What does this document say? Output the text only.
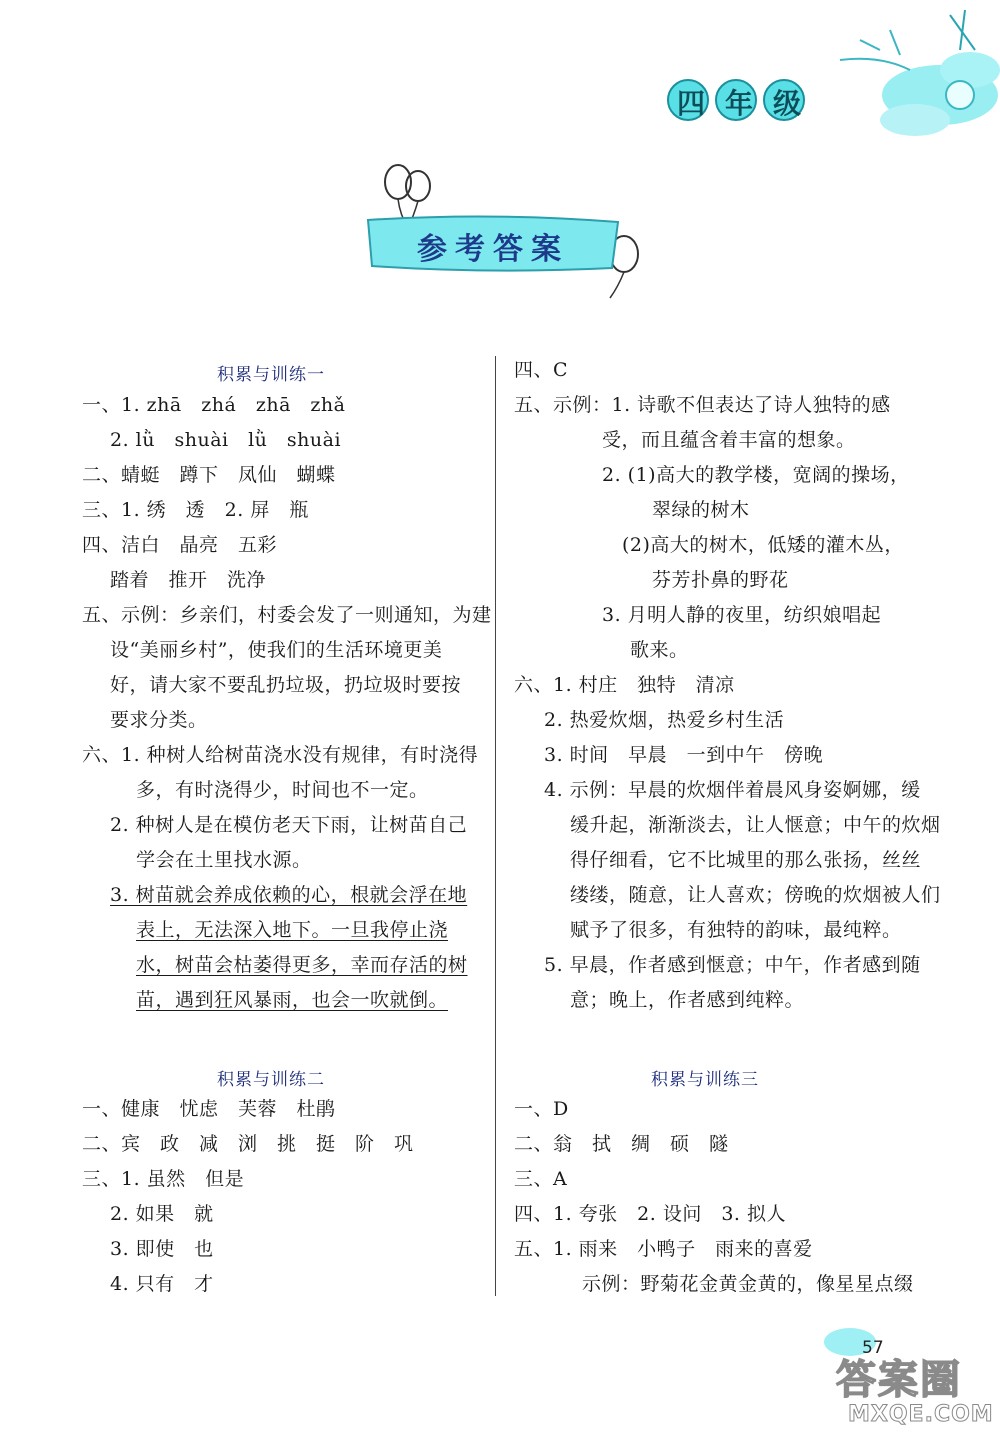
四年级
参考答案
积累与训练一
一、1. zhā　zhá　zhā　zhǎ
2. lǜ　shuài　lǜ　shuài
二、蜻蜓　蹲下　凤仙　蝴蝶
三、1. 绣　透　2. 屏　瓶
四、洁白　晶亮　五彩
踏着　推开　洗净
五、示例：乡亲们，村委会发了一则通知，为建
设“美丽乡村”，使我们的生活环境更美
好，请大家不要乱扔垃圾，扔垃圾时要按
要求分类。
六、1. 种树人给树苗浇水没有规律，有时浇得
多，有时浇得少，时间也不一定。
2. 种树人是在模仿老天下雨，让树苗自己
学会在土里找水源。
3. 树苗就会养成依赖的心，根就会浮在地
表上，无法深入地下。一旦我停止浇
水，树苗会枯萎得更多，幸而存活的树
苗，遇到狂风暴雨，也会一吹就倒。
积累与训练二
一、健康　忧虑　芙蓉　杜鹃
二、宾　政　减　浏　挑　挺　阶　巩
三、1. 虽然　但是
2. 如果　就
3. 即使　也
4. 只有　才
四、C
五、示例：1. 诗歌不但表达了诗人独特的感
受，而且蕴含着丰富的想象。
2. (1)高大的教学楼，宽阔的操场，
翠绿的树木
(2)高大的树木，低矮的灌木丛，
芬芳扑鼻的野花
3. 月明人静的夜里，纺织娘唱起
歌来。
六、1. 村庄　独特　清凉
2. 热爱炊烟，热爱乡村生活
3. 时间　早晨　一到中午　傍晚
4. 示例：早晨的炊烟伴着晨风身姿婀娜，缓
缓升起，渐渐淡去，让人惬意；中午的炊烟
得仔细看，它不比城里的那么张扬，丝丝
缕缕，随意，让人喜欢；傍晚的炊烟被人们
赋予了很多，有独特的韵味，最纯粹。
5. 早晨，作者感到惬意；中午，作者感到随
意；晚上，作者感到纯粹。
积累与训练三
一、D
二、翁　拭　绸　硕　隧
三、A
四、1. 夸张　2. 设问　3. 拟人
五、1. 雨来　小鸭子　雨来的喜爱
示例：野菊花金黄金黄的，像星星点缀
57
答案圈
MXQE.COM
